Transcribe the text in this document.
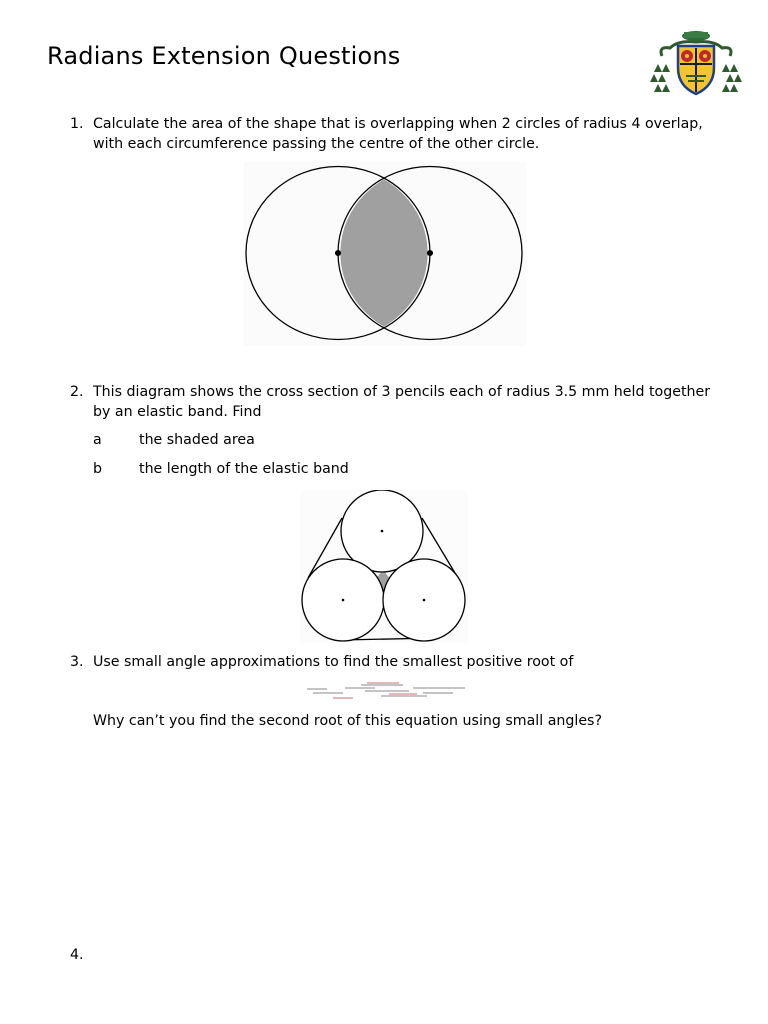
Radians Extension Questions
1. Calculate the area of the shape that is overlapping when 2 circles of radius 4 overlap, with each circumference passing the centre of the other circle.
2. This diagram shows the cross section of 3 pencils each of radius 3.5 mm held together by an elastic band. Find
a	the shaded area
b	the length of the elastic band
3. Use small angle approximations to find the smallest positive root of
Why can’t you find the second root of this equation using small angles?
4.
